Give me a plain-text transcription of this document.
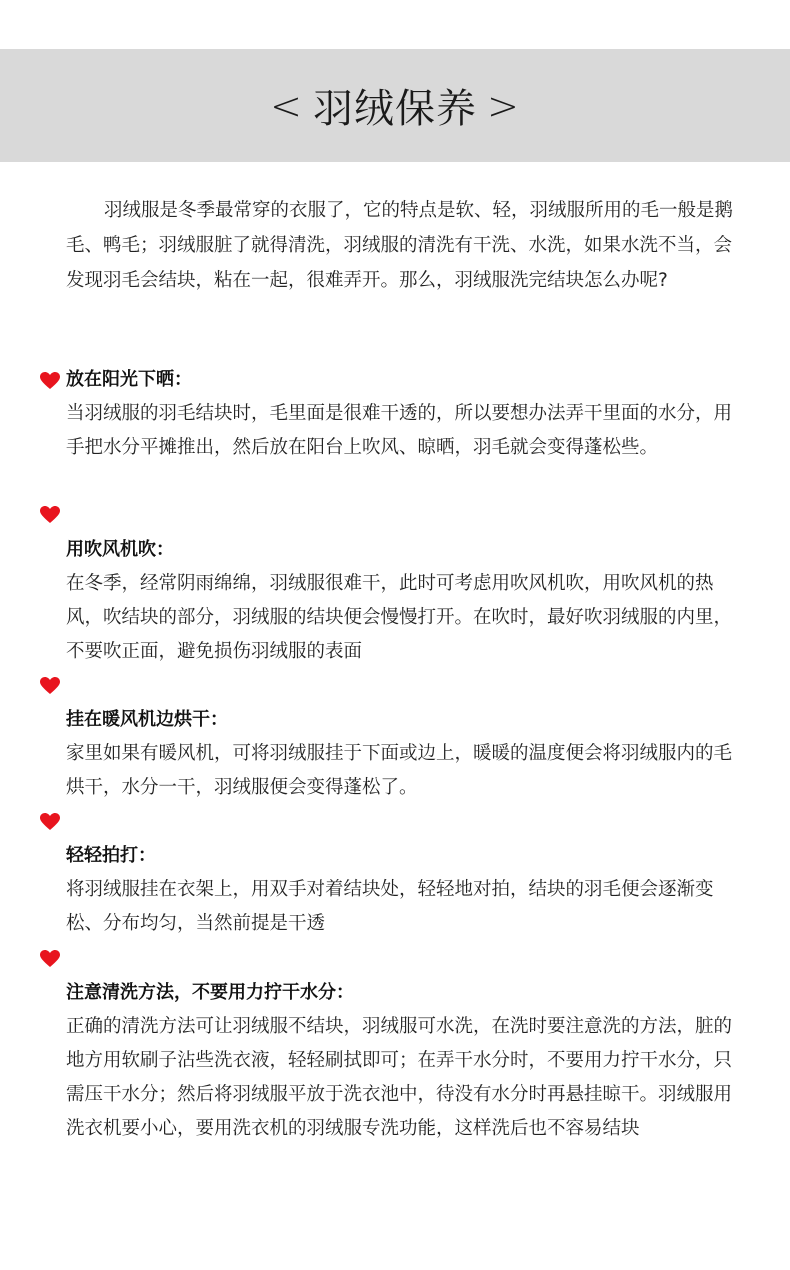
< 羽绒保养 >

羽绒服是冬季最常穿的衣服了，它的特点是软、轻，羽绒服所用的毛一般是鹅毛、鸭毛；羽绒服脏了就得清洗，羽绒服的清洗有干洗、水洗，如果水洗不当，会发现羽毛会结块，粘在一起，很难弄开。那么，羽绒服洗完结块怎么办呢?

放在阳光下晒：

当羽绒服的羽毛结块时，毛里面是很难干透的，所以要想办法弄干里面的水分，用手把水分平摊推出，然后放在阳台上吹风、晾晒，羽毛就会变得蓬松些。

用吹风机吹：

在冬季，经常阴雨绵绵，羽绒服很难干，此时可考虑用吹风机吹，用吹风机的热风，吹结块的部分，羽绒服的结块便会慢慢打开。在吹时，最好吹羽绒服的内里， 不要吹正面，避免损伤羽绒服的表面

挂在暖风机边烘干：

家里如果有暖风机，可将羽绒服挂于下面或边上，暖暖的温度便会将羽绒服内的毛烘干，水分一干，羽绒服便会变得蓬松了。

轻轻拍打：

将羽绒服挂在衣架上，用双手对着结块处，轻轻地对拍，结块的羽毛便会逐渐变松、分布均匀，当然前提是干透

注意清洗方法，不要用力拧干水分：

正确的清洗方法可让羽绒服不结块，羽绒服可水洗，在洗时要注意洗的方法，脏的地方用软刷子沾些洗衣液，轻轻刷拭即可；在弄干水分时，不要用力拧干水分，只需压干水分；然后将羽绒服平放于洗衣池中，待没有水分时再悬挂晾干。羽绒服用洗衣机要小心，要用洗衣机的羽绒服专洗功能，这样洗后也不容易结块
